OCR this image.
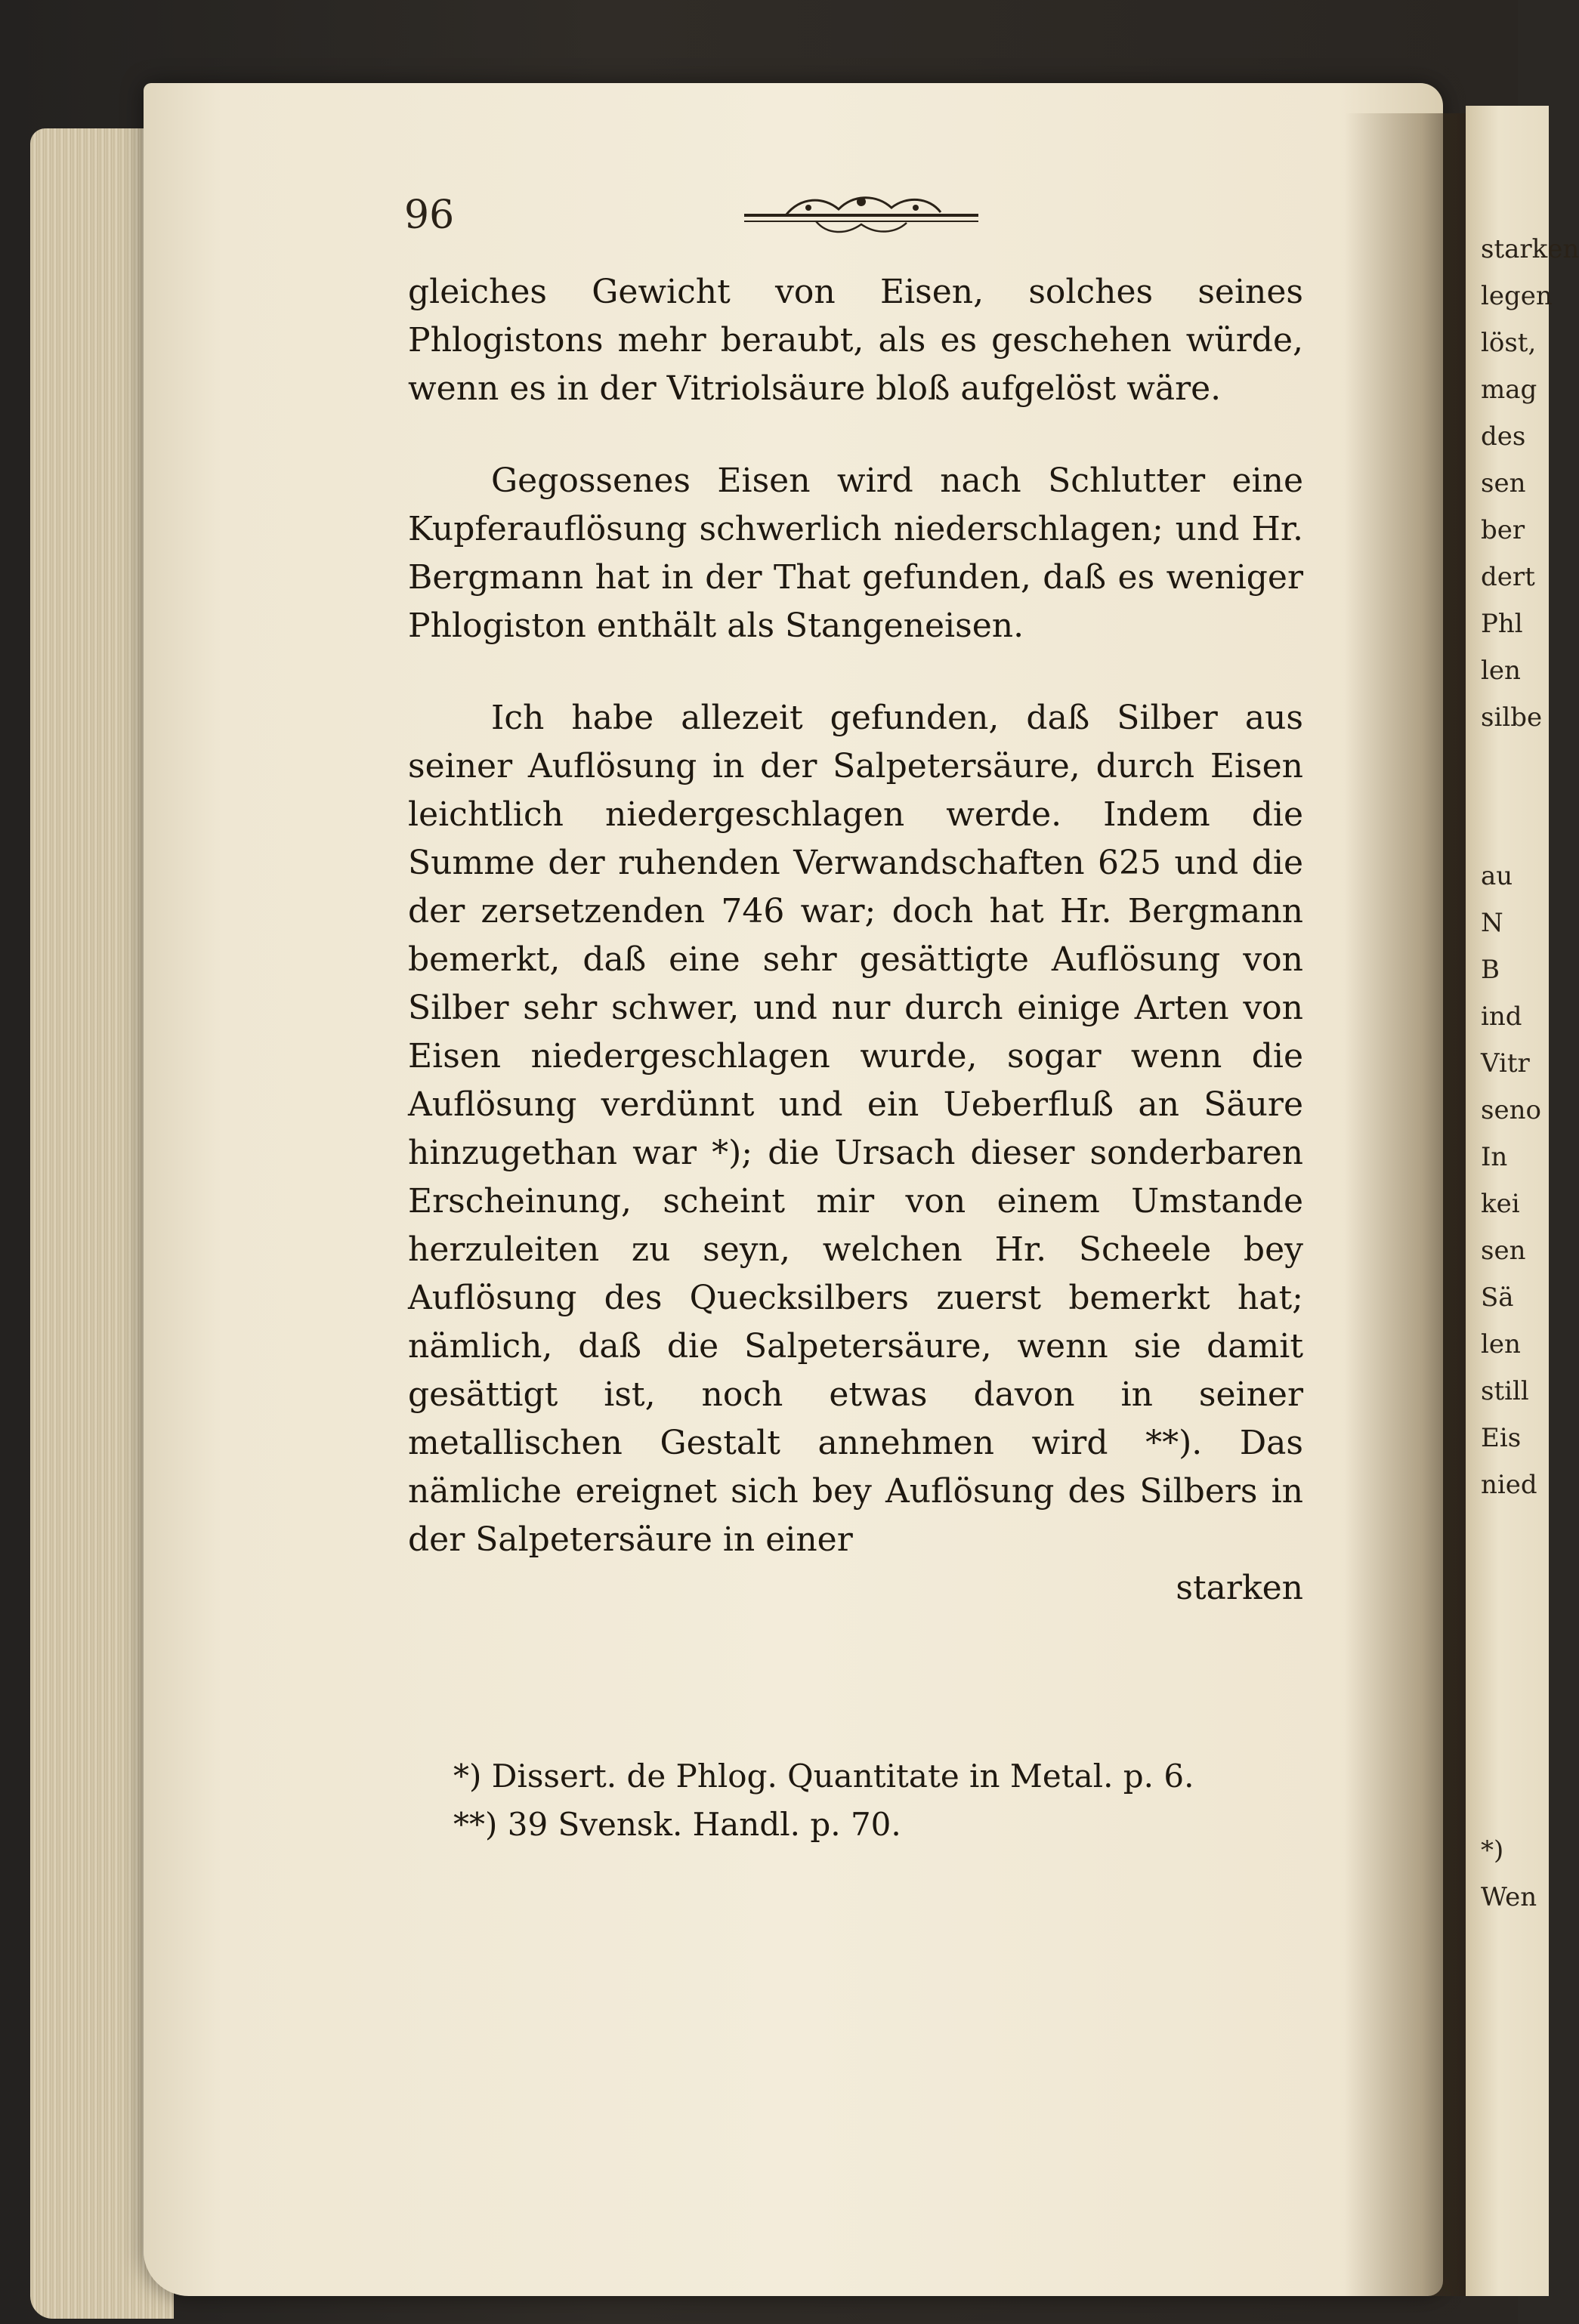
starken
legen
löst,
mag
des
sen
ber
dert
Phl
len
silbe
au
N
B
ind
Vitr
seno
In
kei
sen
Sä
len
still
Eis
nied
*)
Wen
96

gleiches Gewicht von Eisen, solches seines Phlogistons mehr beraubt, als es geschehen würde, wenn es in der Vitriolsäure bloß aufgelöst wäre.

Gegossenes Eisen wird nach Schlutter eine Kupferauflösung schwerlich niederschlagen; und Hr. Bergmann hat in der That gefunden, daß es weniger Phlogiston enthält als Stangeneisen.

Ich habe allezeit gefunden, daß Silber aus seiner Auflösung in der Salpetersäure, durch Eisen leichtlich niedergeschlagen werde. Indem die Summe der ruhenden Verwandschaften 625 und die der zersetzenden 746 war; doch hat Hr. Bergmann bemerkt, daß eine sehr gesättigte Auflösung von Silber sehr schwer, und nur durch einige Arten von Eisen niedergeschlagen wurde, sogar wenn die Auflösung verdünnt und ein Ueberfluß an Säure hinzugethan war *); die Ursach dieser sonderbaren Erscheinung, scheint mir von einem Umstande herzuleiten zu seyn, welchen Hr. Scheele bey Auflösung des Quecksilbers zuerst bemerkt hat; nämlich, daß die Salpetersäure, wenn sie damit gesättigt ist, noch etwas davon in seiner metallischen Gestalt annehmen wird **). Das nämliche ereignet sich bey Auflösung des Silbers in der Salpetersäure in einer

starken
*) Dissert. de Phlog. Quantitate in Metal. p. 6.
**) 39 Svensk. Handl. p. 70.
